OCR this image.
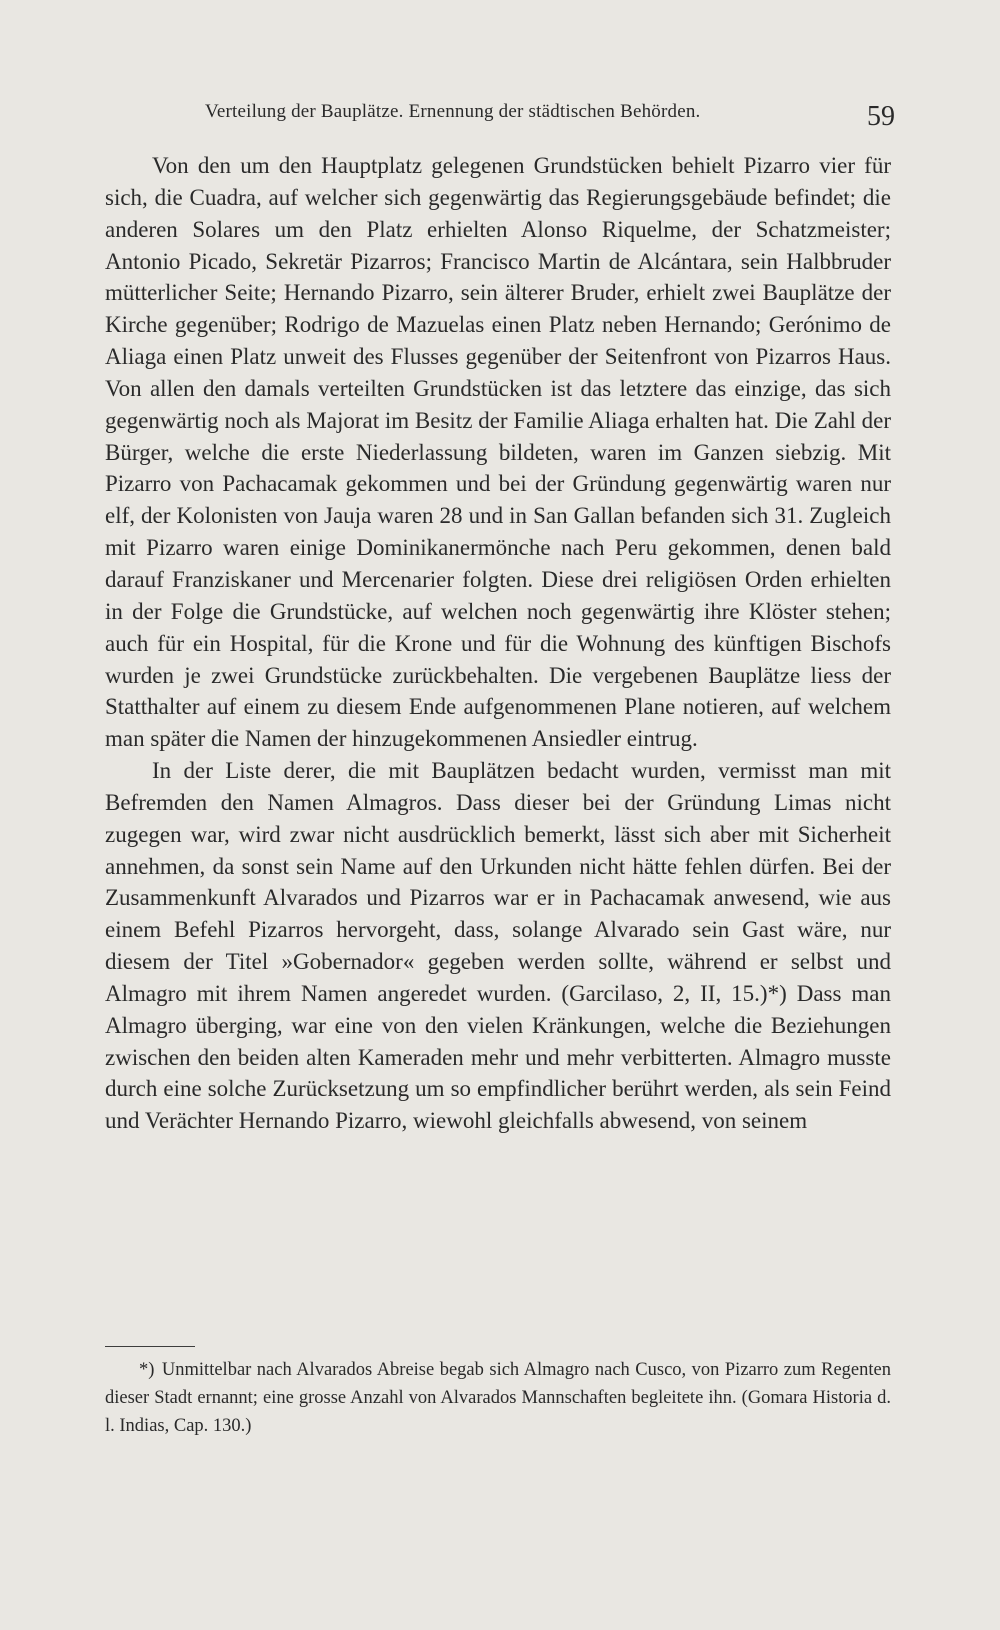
Verteilung der Bauplätze. Ernennung der städtischen Behörden.	59

Von den um den Hauptplatz gelegenen Grundstücken behielt Pizarro vier für sich, die Cuadra, auf welcher sich gegenwärtig das Regierungsgebäude befindet; die anderen Solares um den Platz erhielten Alonso Riquelme, der Schatzmeister; Antonio Picado, Sekretär Pizarros; Francisco Martin de Alcántara, sein Halbbruder mütterlicher Seite; Hernando Pizarro, sein älterer Bruder, erhielt zwei Bauplätze der Kirche gegenüber; Rodrigo de Mazuelas einen Platz neben Hernando; Gerónimo de Aliaga einen Platz unweit des Flusses gegenüber der Seitenfront von Pizarros Haus. Von allen den damals verteilten Grundstücken ist das letztere das einzige, das sich gegenwärtig noch als Majorat im Besitz der Familie Aliaga erhalten hat. Die Zahl der Bürger, welche die erste Niederlassung bildeten, waren im Ganzen siebzig. Mit Pizarro von Pachacamak gekommen und bei der Gründung gegenwärtig waren nur elf, der Kolonisten von Jauja waren 28 und in San Gallan befanden sich 31. Zugleich mit Pizarro waren einige Dominikanermönche nach Peru gekommen, denen bald darauf Franziskaner und Mercenarier folgten. Diese drei religiösen Orden erhielten in der Folge die Grundstücke, auf welchen noch gegenwärtig ihre Klöster stehen; auch für ein Hospital, für die Krone und für die Wohnung des künftigen Bischofs wurden je zwei Grundstücke zurückbehalten. Die vergebenen Bauplätze liess der Statthalter auf einem zu diesem Ende aufgenommenen Plane notieren, auf welchem man später die Namen der hinzugekommenen Ansiedler eintrug.

In der Liste derer, die mit Bauplätzen bedacht wurden, vermisst man mit Befremden den Namen Almagros. Dass dieser bei der Gründung Limas nicht zugegen war, wird zwar nicht ausdrücklich bemerkt, lässt sich aber mit Sicherheit annehmen, da sonst sein Name auf den Urkunden nicht hätte fehlen dürfen. Bei der Zusammenkunft Alvarados und Pizarros war er in Pachacamak anwesend, wie aus einem Befehl Pizarros hervorgeht, dass, solange Alvarado sein Gast wäre, nur diesem der Titel »Gobernador« gegeben werden sollte, während er selbst und Almagro mit ihrem Namen angeredet wurden. (Garcilaso, 2, II, 15.)*) Dass man Almagro überging, war eine von den vielen Kränkungen, welche die Beziehungen zwischen den beiden alten Kameraden mehr und mehr verbitterten. Almagro musste durch eine solche Zurücksetzung um so empfindlicher berührt werden, als sein Feind und Verächter Hernando Pizarro, wiewohl gleichfalls abwesend, von seinem

*) Unmittelbar nach Alvarados Abreise begab sich Almagro nach Cusco, von Pizarro zum Regenten dieser Stadt ernannt; eine grosse Anzahl von Alvarados Mannschaften begleitete ihn. (Gomara Historia d. l. Indias, Cap. 130.)
